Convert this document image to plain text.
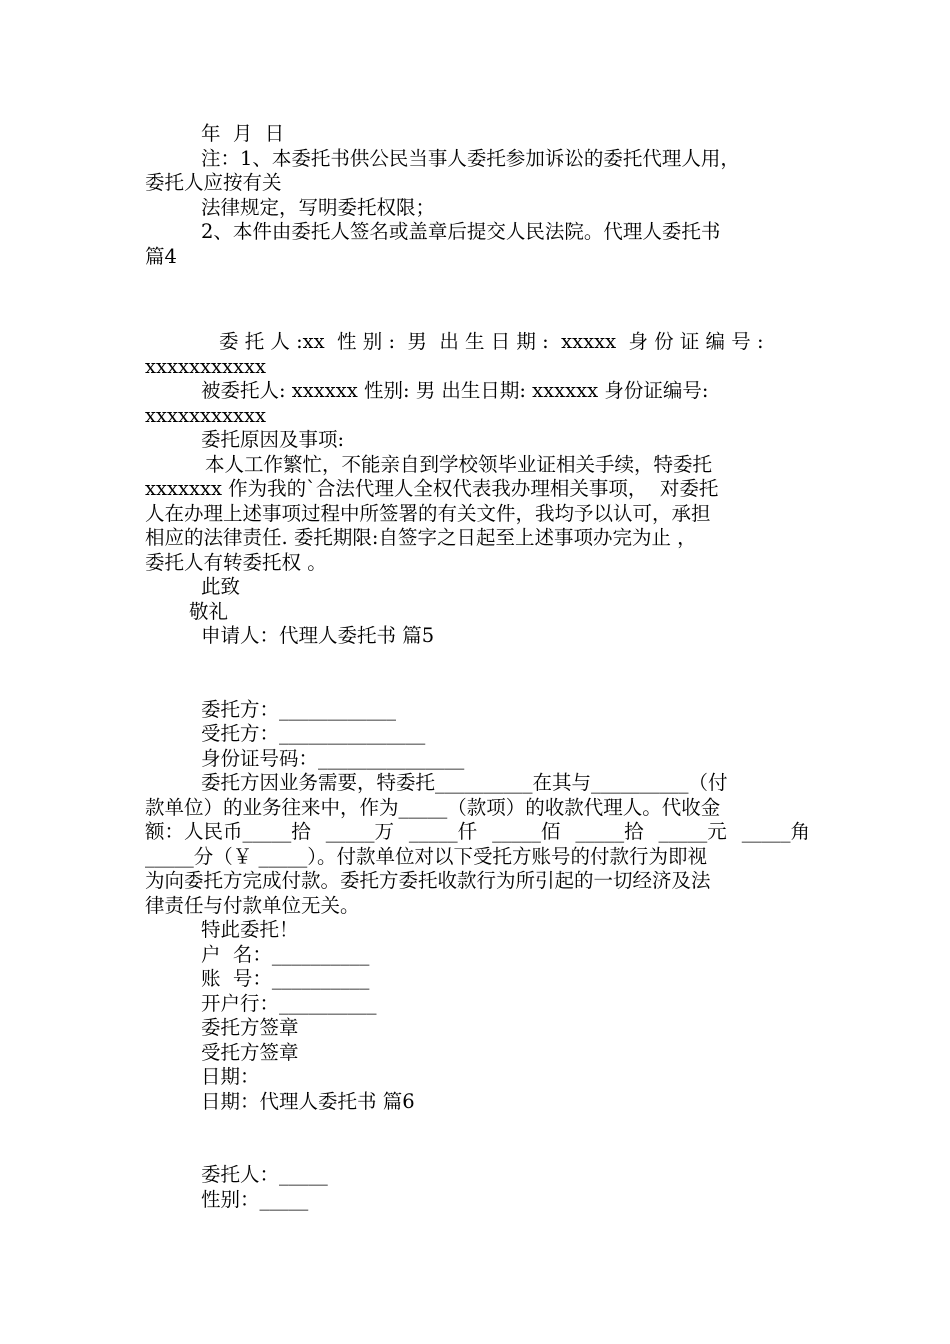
年  月  日
注：1、本委托书供公民当事人委托参加诉讼的委托代理人用，
委托人应按有关
法律规定，写明委托权限；
2、本件由委托人签名或盖章后提交人民法院。代理人委托书
篇4
委 托 人 :xx  性 别 :  男  出 生 日 期 :  xxxxx  身 份 证 编 号 :
xxxxxxxxxxx
被委托人: xxxxxx 性别: 男 出生日期: xxxxxx 身份证编号:
xxxxxxxxxxx
委托原因及事项:
本人工作繁忙，不能亲自到学校领毕业证相关手续，特委托
xxxxxxx 作为我的`合法代理人全权代表我办理相关事项，  对委托
人在办理上述事项过程中所签署的有关文件，我均予以认可，承担
相应的法律责任. 委托期限:自签字之日起至上述事项办完为止 ，
委托人有转委托权 。
此致
敬礼
申请人：代理人委托书 篇5
委托方：____________
受托方：_______________
身份证号码：_______________
委托方因业务需要，特委托__________在其与__________（付
款单位）的业务往来中，作为_____（款项）的收款代理人。代收金
额：人民币_____拾 _____万 _____仟 _____佰 _____拾 _____元 _____角
_____分（￥ _____）。付款单位对以下受托方账号的付款行为即视
为向委托方完成付款。委托方委托收款行为所引起的一切经济及法
律责任与付款单位无关。
特此委托！
户  名：__________
账  号：__________
开户行：__________
委托方签章
受托方签章
日期：
日期：代理人委托书 篇6
委托人：_____
性别：_____
